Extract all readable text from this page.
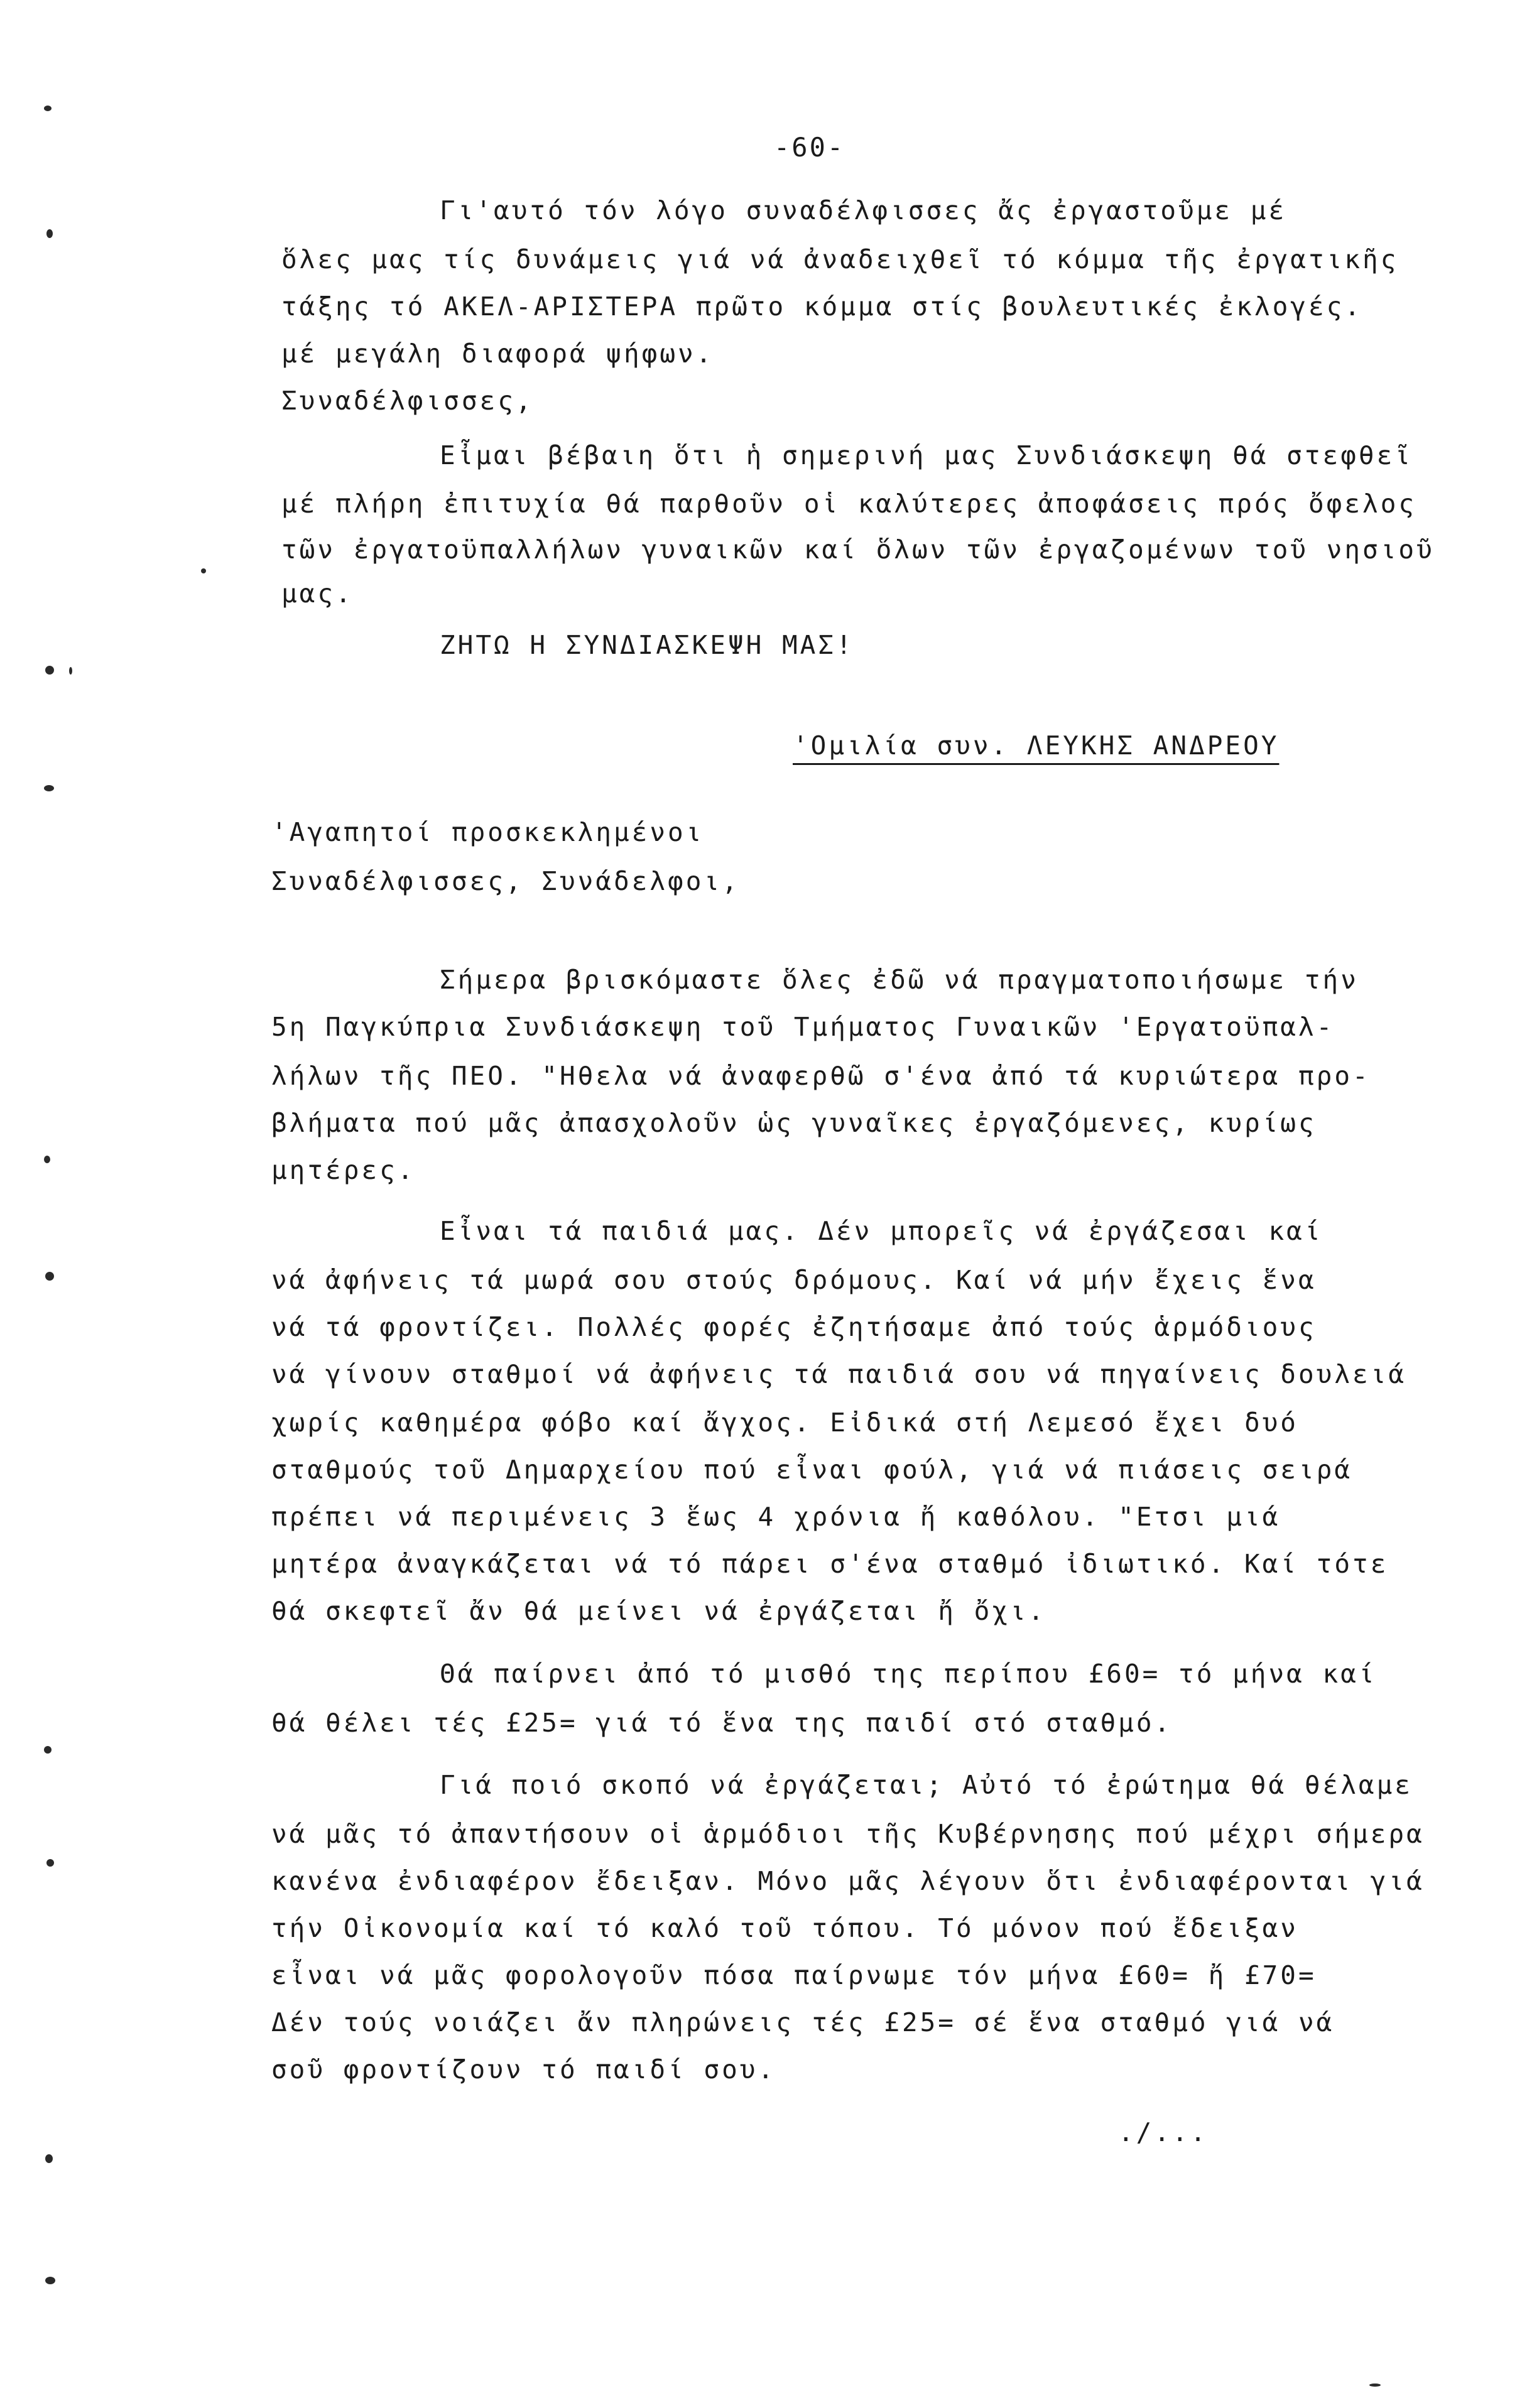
-60-
Γι'αυτό τόν λόγο συναδέλφισσες ἄς ἐργαστοῦμε μέ
ὅλες μας τίς δυνάμεις γιά νά ἀναδειχθεῖ τό κόμμα τῆς ἐργατικῆς
τάξης τό ΑΚΕΛ-ΑΡΙΣΤΕΡΑ πρῶτο κόμμα στίς βουλευτικές ἐκλογές.
μέ μεγάλη διαφορά ψήφων.
Συναδέλφισσες,
Εἶμαι βέβαιη ὅτι ἡ σημερινή μας Συνδιάσκεψη θά στεφθεῖ
μέ πλήρη ἐπιτυχία θά παρθοῦν οἱ καλύτερες ἀποφάσεις πρός ὄφελος
τῶν ἐργατοϋπαλλήλων γυναικῶν καί ὅλων τῶν ἐργαζομένων τοῦ νησιοῦ
μας.
ΖΗΤΩ Η ΣΥΝΔΙΑΣΚΕΨΗ ΜΑΣ!
'Ομιλία συν. ΛΕΥΚΗΣ ΑΝΔΡΕΟΥ
'Αγαπητοί προσκεκλημένοι
Συναδέλφισσες, Συνάδελφοι,
Σήμερα βρισκόμαστε ὅλες ἐδῶ νά πραγματοποιήσωμε τήν
5η Παγκύπρια Συνδιάσκεψη τοῦ Τμήματος Γυναικῶν 'Εργατοϋπαλ-
λήλων τῆς ΠΕΟ. "Ηθελα νά ἀναφερθῶ σ'ένα ἀπό τά κυριώτερα προ-
βλήματα πού μᾶς ἀπασχολοῦν ὡς γυναῖκες ἐργαζόμενες, κυρίως
μητέρες.
Εἶναι τά παιδιά μας. Δέν μπορεῖς νά ἐργάζεσαι καί
νά ἀφήνεις τά μωρά σου στούς δρόμους. Καί νά μήν ἔχεις ἕνα
νά τά φροντίζει. Πολλές φορές ἐζητήσαμε ἀπό τούς ἁρμόδιους
νά γίνουν σταθμοί νά ἀφήνεις τά παιδιά σου νά πηγαίνεις δουλειά
χωρίς καθημέρα φόβο καί ἄγχος. Εἰδικά στή Λεμεσό ἔχει δυό
σταθμούς τοῦ Δημαρχείου πού εἶναι φούλ, γιά νά πιάσεις σειρά
πρέπει νά περιμένεις 3 ἕως 4 χρόνια ἤ καθόλου. "Ετσι μιά
μητέρα ἀναγκάζεται νά τό πάρει σ'ένα σταθμό ἰδιωτικό. Καί τότε
θά σκεφτεῖ ἄν θά μείνει νά ἐργάζεται ἤ ὄχι.
Θά παίρνει ἀπό τό μισθό της περίπου £60= τό μήνα καί
θά θέλει τές £25= γιά τό ἕνα της παιδί στό σταθμό.
Γιά ποιό σκοπό νά ἐργάζεται; Αὐτό τό ἐρώτημα θά θέλαμε
νά μᾶς τό ἀπαντήσουν οἱ ἁρμόδιοι τῆς Κυβέρνησης πού μέχρι σήμερα
κανένα ἐνδιαφέρον ἔδειξαν. Μόνο μᾶς λέγουν ὅτι ἐνδιαφέρονται γιά
τήν Οἰκονομία καί τό καλό τοῦ τόπου. Τό μόνον πού ἔδειξαν
εἶναι νά μᾶς φορολογοῦν πόσα παίρνωμε τόν μήνα £60= ἤ £70=
Δέν τούς νοιάζει ἄν πληρώνεις τές £25= σέ ἕνα σταθμό γιά νά
σοῦ φροντίζουν τό παιδί σου.
./...
